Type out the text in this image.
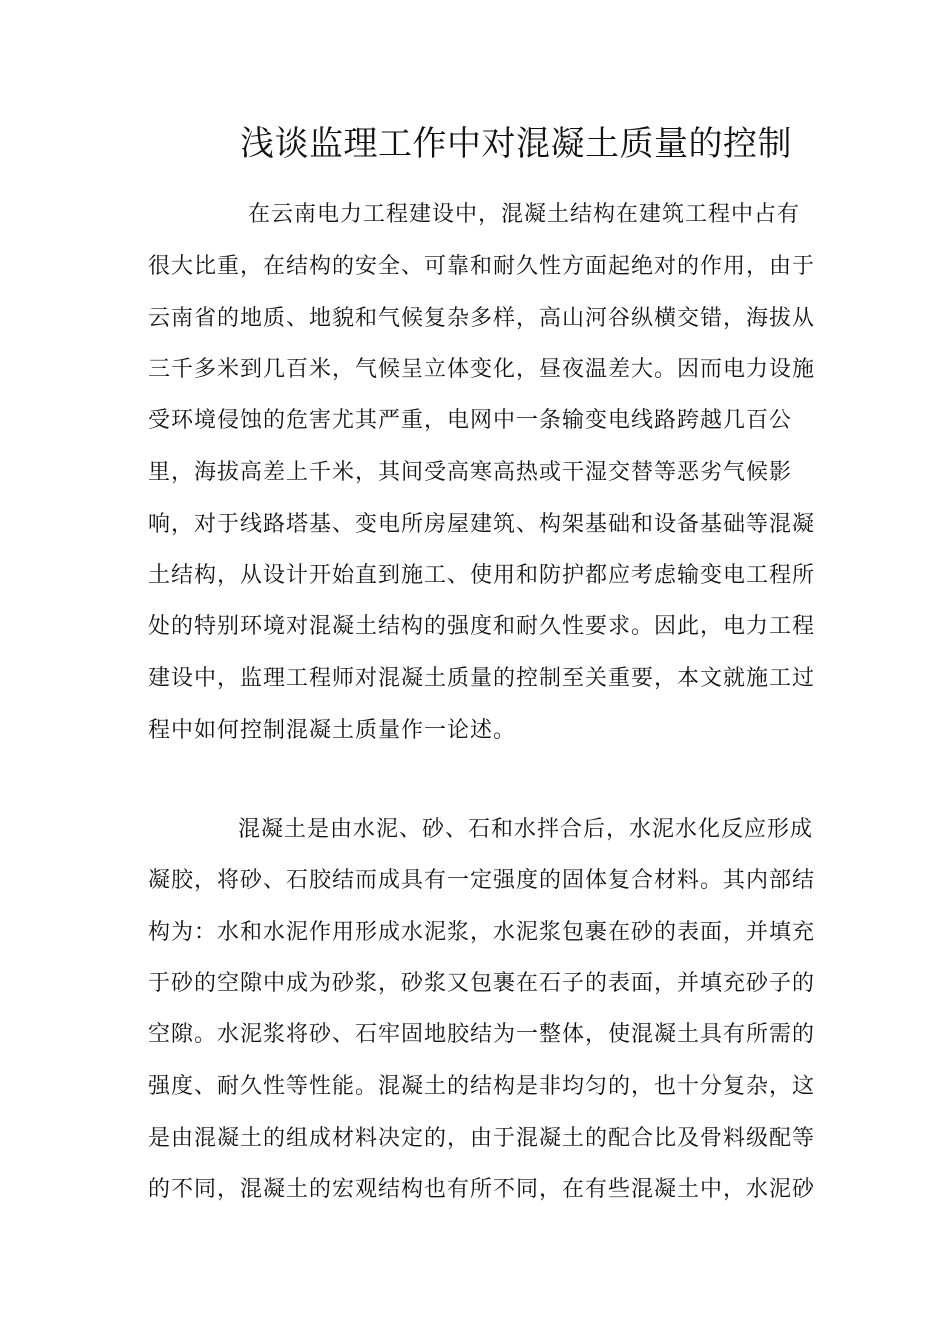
浅谈监理工作中对混凝土质量的控制

在云南电力工程建设中，混凝土结构在建筑工程中占有

很大比重，在结构的安全、可靠和耐久性方面起绝对的作用，由于

云南省的地质、地貌和气候复杂多样，高山河谷纵横交错，海拔从

三千多米到几百米，气候呈立体变化，昼夜温差大。因而电力设施

受环境侵蚀的危害尤其严重，电网中一条输变电线路跨越几百公

里，海拔高差上千米，其间受高寒高热或干湿交替等恶劣气候影

响，对于线路塔基、变电所房屋建筑、构架基础和设备基础等混凝

土结构，从设计开始直到施工、使用和防护都应考虑输变电工程所

处的特别环境对混凝土结构的强度和耐久性要求。因此，电力工程

建设中，监理工程师对混凝土质量的控制至关重要，本文就施工过

程中如何控制混凝土质量作一论述。

混凝土是由水泥、砂、石和水拌合后，水泥水化反应形成

凝胶，将砂、石胶结而成具有一定强度的固体复合材料。其内部结

构为：水和水泥作用形成水泥浆，水泥浆包裹在砂的表面，并填充

于砂的空隙中成为砂浆，砂浆又包裹在石子的表面，并填充砂子的

空隙。水泥浆将砂、石牢固地胶结为一整体，使混凝土具有所需的

强度、耐久性等性能。混凝土的结构是非均匀的，也十分复杂，这

是由混凝土的组成材料决定的，由于混凝土的配合比及骨料级配等

的不同，混凝土的宏观结构也有所不同，在有些混凝土中，水泥砂
